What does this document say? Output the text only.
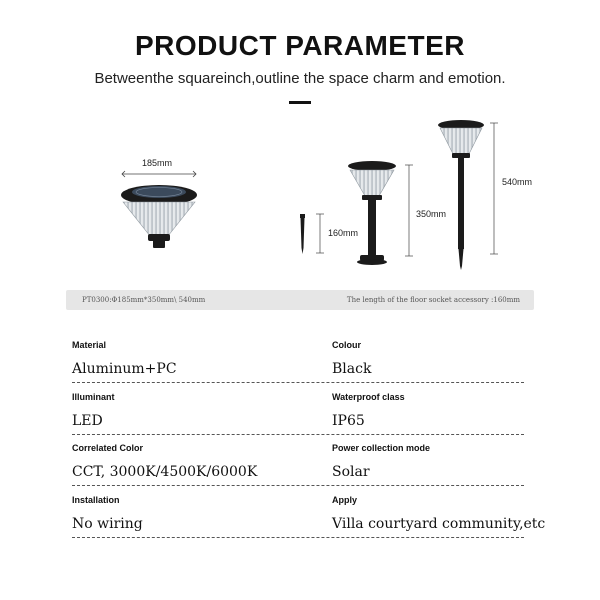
PRODUCT PARAMETER
Betweenthe squareinch,outline the space charm and emotion.
185mm
160mm
350mm
540mm
PT0300:Φ185mm*350mm\ 540mm	The length of the floor socket accessory :160mm
Material
Aluminum+PC
Colour
Black
Illuminant
LED
Waterproof class
IP65
Correlated Color
CCT, 3000K/4500K/6000K
Power collection mode
Solar
Installation
No wiring
Apply
Villa courtyard community,etc
